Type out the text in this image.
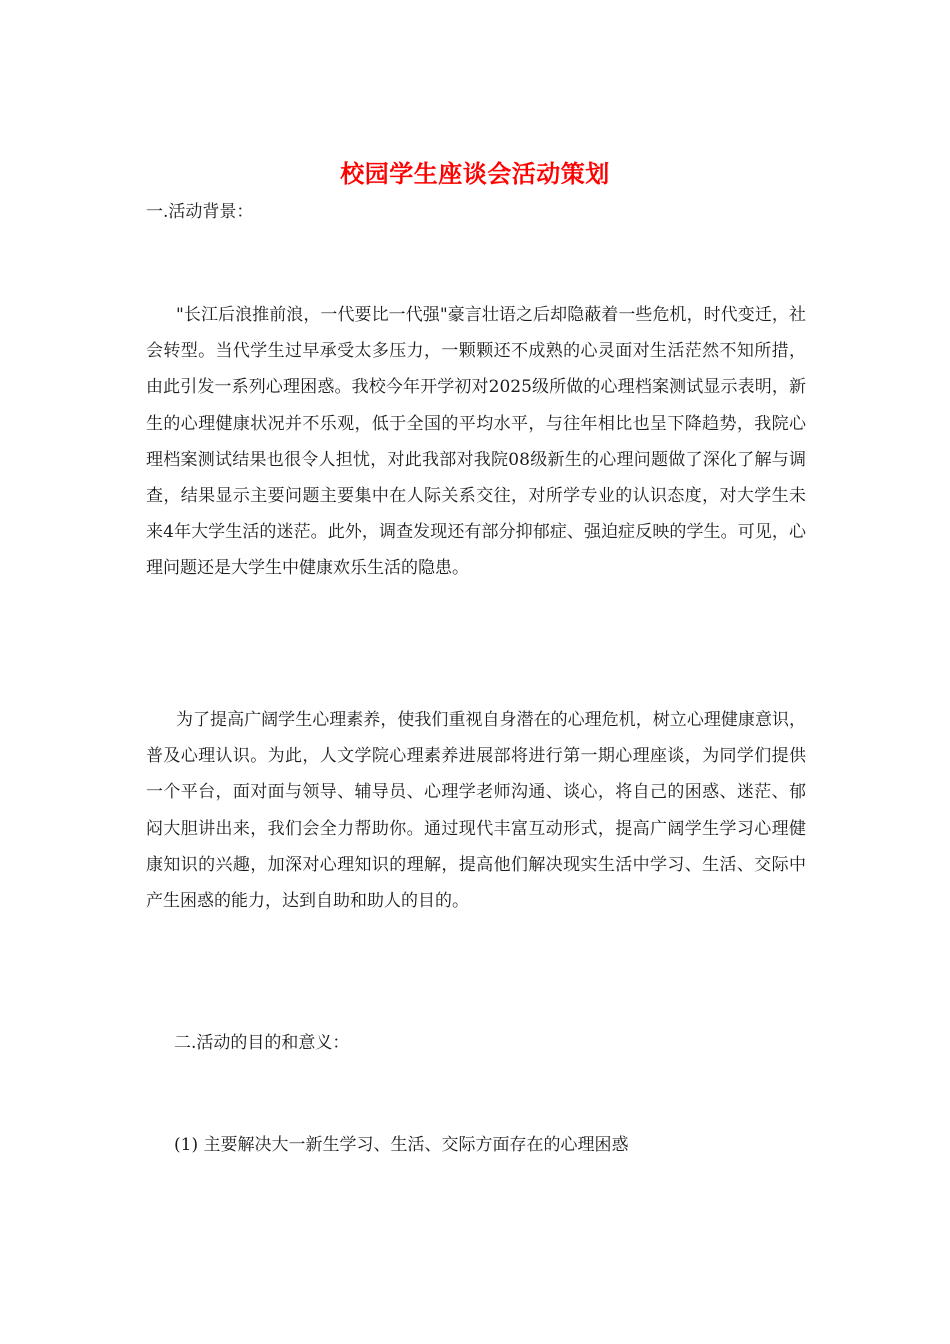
校园学生座谈会活动策划
一.活动背景：

"长江后浪推前浪，一代要比一代强"豪言壮语之后却隐蔽着一些危机，时代变迁，社会转型。当代学生过早承受太多压力，一颗颗还不成熟的心灵面对生活茫然不知所措，由此引发一系列心理困惑。我校今年开学初对2025级所做的心理档案测试显示表明，新生的心理健康状况并不乐观，低于全国的平均水平，与往年相比也呈下降趋势，我院心理档案测试结果也很令人担忧，对此我部对我院08级新生的心理问题做了深化了解与调查，结果显示主要问题主要集中在人际关系交往，对所学专业的认识态度，对大学生未来4年大学生活的迷茫。此外，调查发现还有部分抑郁症、强迫症反映的学生。可见，心理问题还是大学生中健康欢乐生活的隐患。

为了提高广阔学生心理素养，使我们重视自身潜在的心理危机，树立心理健康意识，普及心理认识。为此，人文学院心理素养进展部将进行第一期心理座谈，为同学们提供一个平台，面对面与领导、辅导员、心理学老师沟通、谈心，将自己的困惑、迷茫、郁闷大胆讲出来，我们会全力帮助你。通过现代丰富互动形式，提高广阔学生学习心理健康知识的兴趣，加深对心理知识的理解，提高他们解决现实生活中学习、生活、交际中产生困惑的能力，达到自助和助人的目的。

二.活动的目的和意义：
(1) 主要解决大一新生学习、生活、交际方面存在的心理困惑
